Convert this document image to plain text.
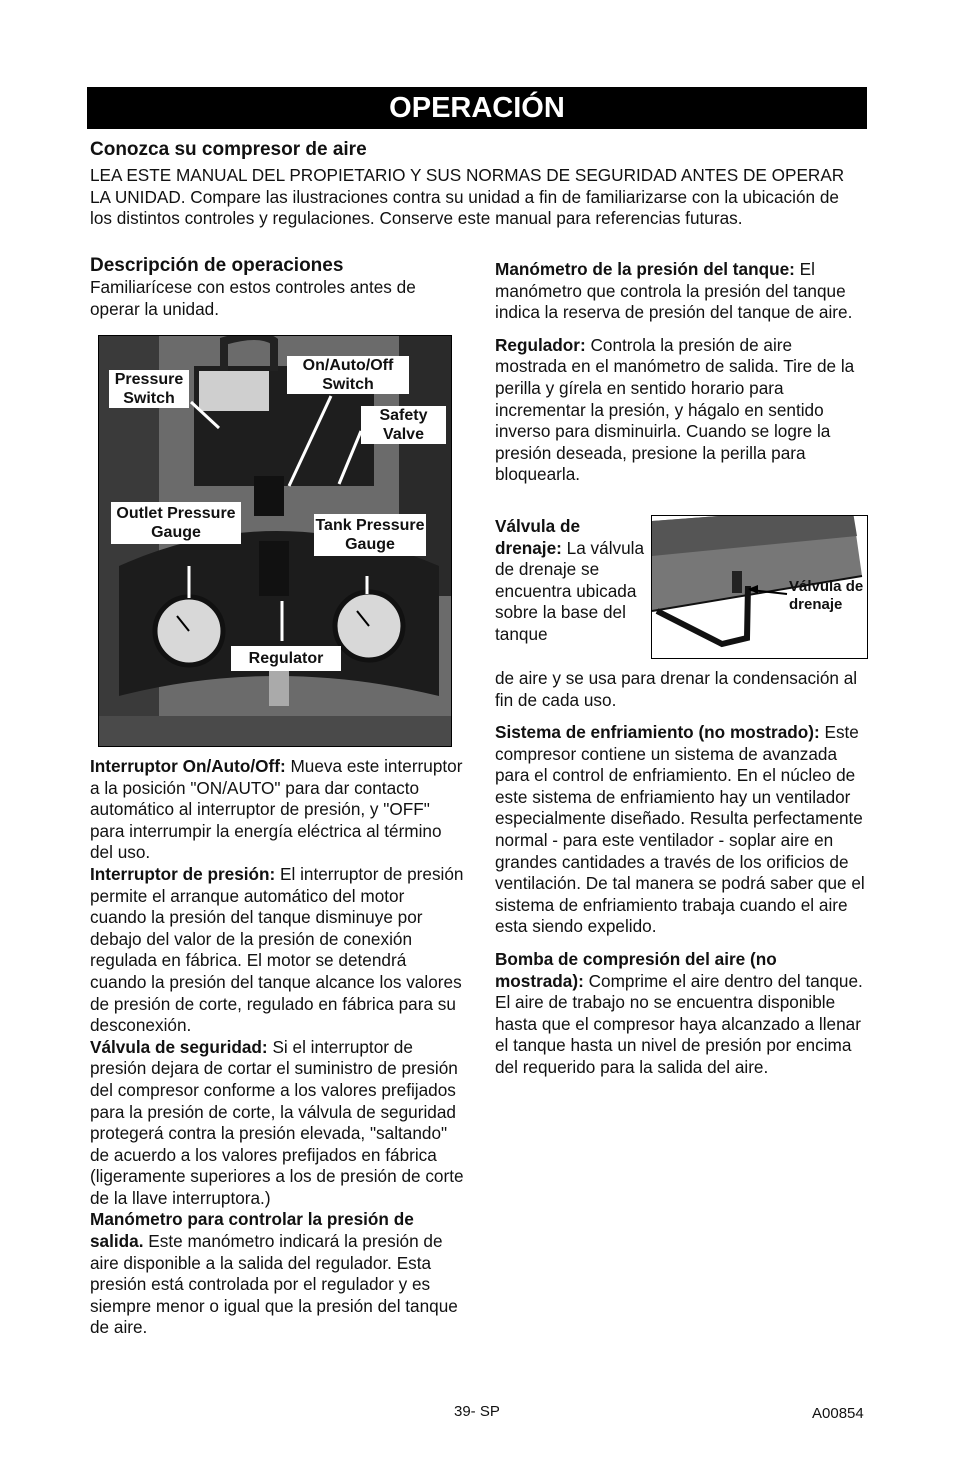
OPERACIÓN
Conozca su compresor de aire
LEA ESTE MANUAL DEL PROPIETARIO Y SUS NORMAS DE SEGURIDAD ANTES DE OPERAR LA UNIDAD. Compare las ilustraciones contra su unidad a fin de familiarizarse con la ubicación de los distintos controles y regulaciones. Conserve este manual para referencias futuras.
Descripción de operaciones
Familiarícese con estos controles antes de operar la unidad.
Pressure Switch
On/Auto/Off Switch
Safety Valve
Outlet Pressure Gauge	Tank Pressure Gauge
Regulator

Interruptor On/Auto/Off: Mueva este interruptor a la posición "ON/AUTO" para dar contacto automático al interruptor de presión, y "OFF" para interrumpir la energía eléctrica al término del uso.

Interruptor de presión: El interruptor de presión permite el arranque automático del motor cuando la presión del tanque disminuye por debajo del valor de la presión de conexión regulada en fábrica. El motor se detendrá cuando la presión del tanque alcance los valores de presión de corte, regulado en fábrica para su desconexión.

Válvula de seguridad: Si el interruptor de presión dejara de cortar el suministro de presión del compresor conforme a los valores prefijados para la presión de corte, la válvula de seguridad protegerá contra la presión elevada, "saltando" de acuerdo a los valores prefijados en fábrica (ligeramente superiores a los de presión de corte de la llave interruptora.)

Manómetro para controlar la presión de salida. Este manómetro indicará la presión de aire disponible a la salida del regulador. Esta presión está controlada por el regulador y es siempre menor o igual que la presión del tanque de aire.

Manómetro de la presión del tanque: El manómetro que controla la presión del tanque indica la reserva de presión del tanque de aire.

Regulador: Controla la presión de aire mostrada en el manómetro de salida. Tire de la perilla y gírela en sentido horario para incrementar la presión, y hágalo en sentido inverso para disminuirla. Cuando se logre la presión deseada, presione la perilla para bloquearla.

Válvula de drenaje: La válvula de drenaje se encuentra ubicada sobre la base del tanque
de aire y se usa para drenar la condensación al fin de cada uso.
Válvula de drenaje

Sistema de enfriamiento (no mostrado): Este compresor contiene un sistema de avanzada para el control de enfriamiento. En el núcleo de este sistema de enfriamiento hay un ventilador especialmente diseñado. Resulta perfectamente normal - para este ventilador - soplar aire en grandes cantidades a través de los orificios de ventilación. De tal manera se podrá saber que el sistema de enfriamiento trabaja cuando el aire esta siendo expelido.

Bomba de compresión del aire (no mostrada): Comprime el aire dentro del tanque. El aire de trabajo no se encuentra disponible hasta que el compresor haya alcanzado a llenar el tanque hasta un nivel de presión por encima del requerido para la salida del aire.

39- SP	A00854
